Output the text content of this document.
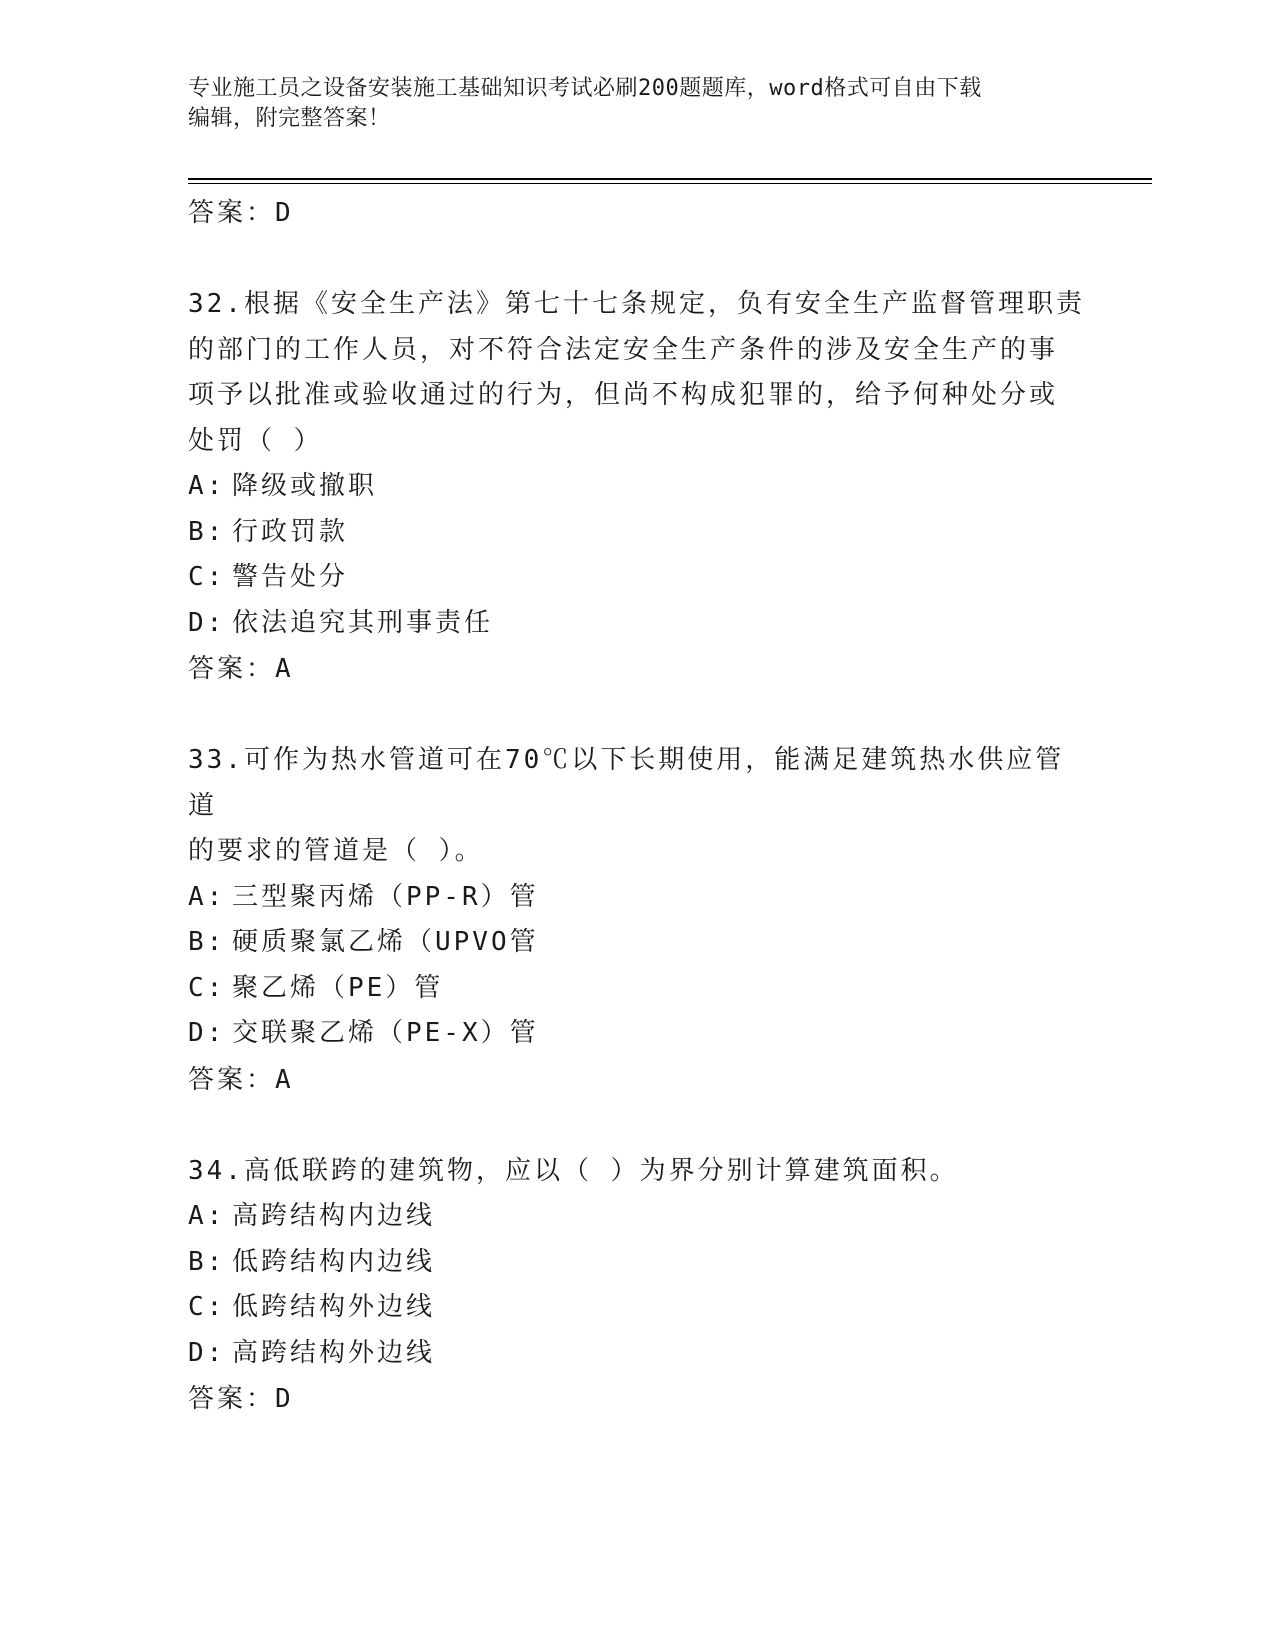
专业施工员之设备安装施工基础知识考试必刷200题题库，word格式可自由下载
编辑，附完整答案！
答案：D
32.根据《安全生产法》第七十七条规定，负有安全生产监督管理职责
的部门的工作人员，对不符合法定安全生产条件的涉及安全生产的事
项予以批准或验收通过的行为，但尚不构成犯罪的，给予何种处分或
处罚（ ）
A: 降级或撤职
B: 行政罚款
C: 警告处分
D: 依法追究其刑事责任
答案：A
33.可作为热水管道可在70℃以下长期使用，能满足建筑热水供应管道
的要求的管道是（ ）。
A: 三型聚丙烯（PP-R）管
B: 硬质聚氯乙烯（UPVO管
C: 聚乙烯（PE）管
D: 交联聚乙烯（PE-X）管
答案：A
34.高低联跨的建筑物，应以（ ）为界分别计算建筑面积。
A: 高跨结构内边线
B: 低跨结构内边线
C: 低跨结构外边线
D: 高跨结构外边线
答案：D
